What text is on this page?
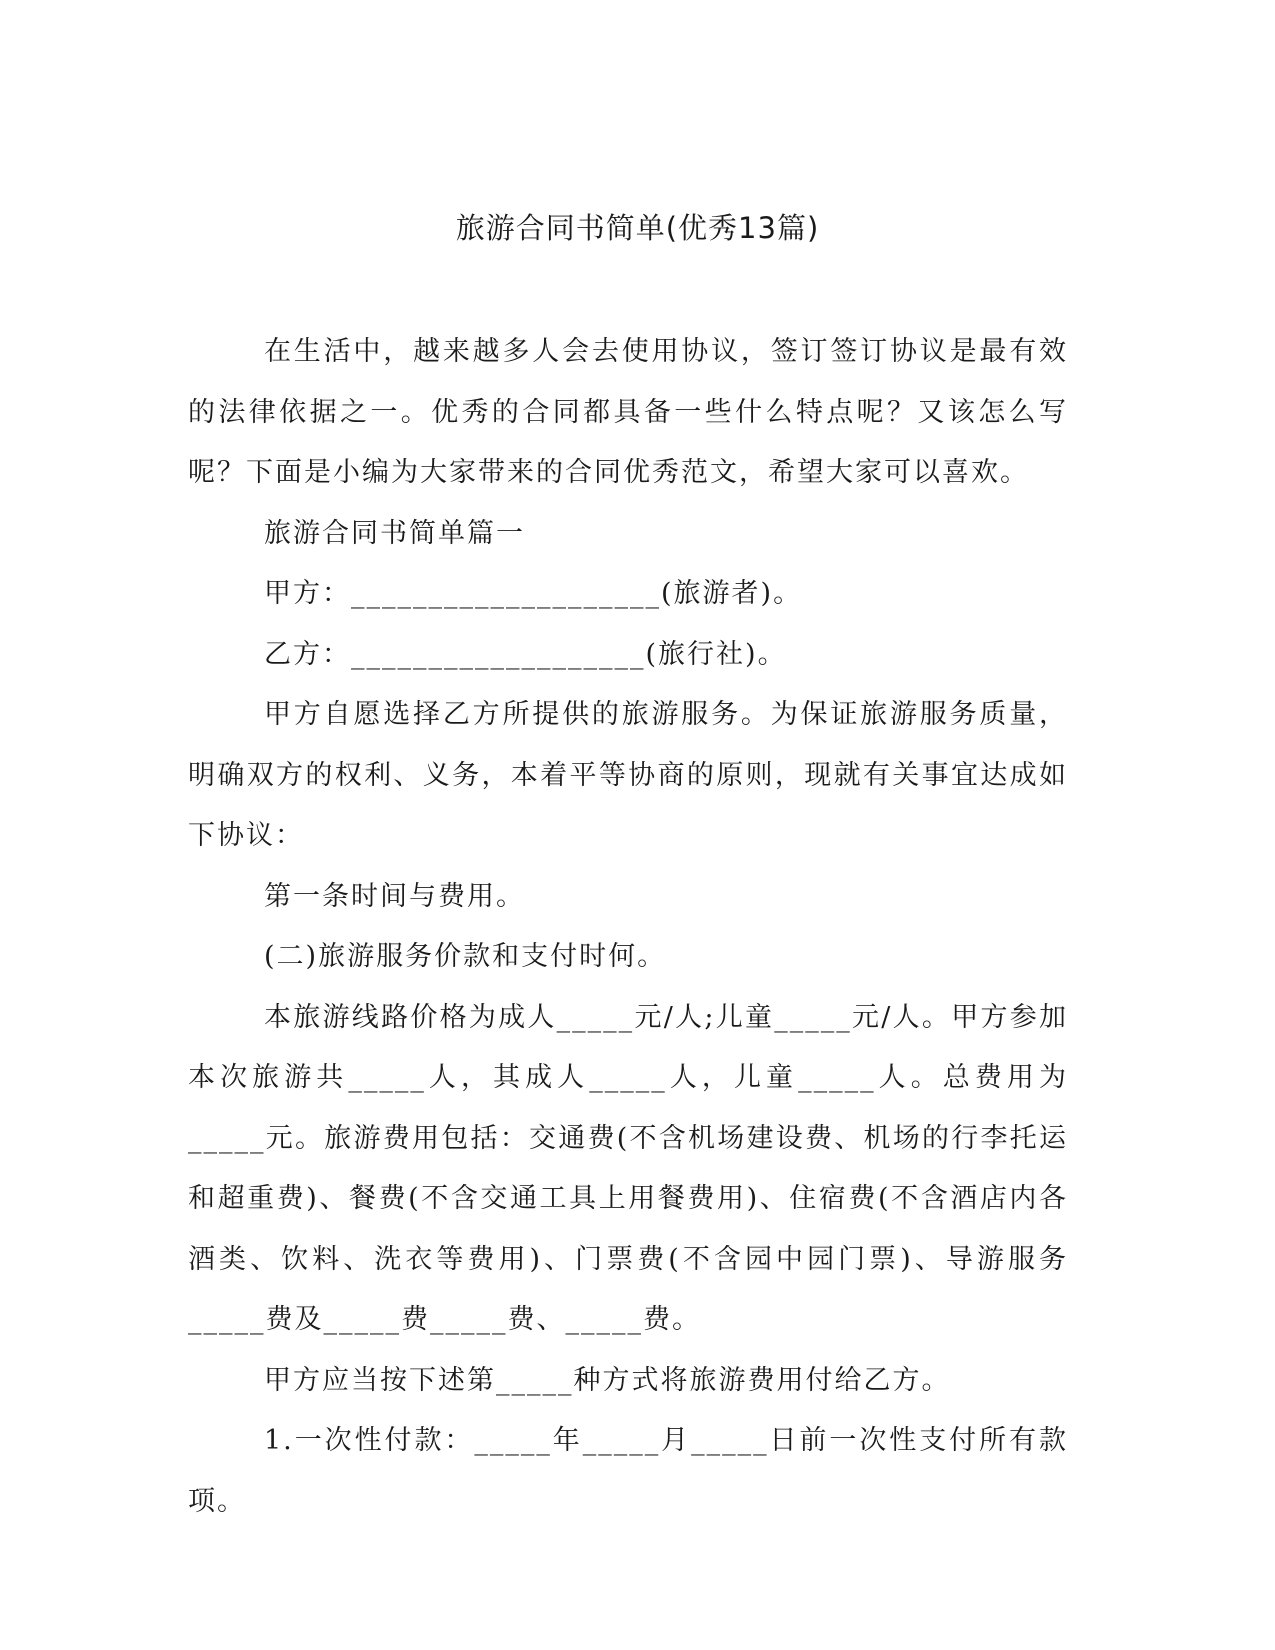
旅游合同书简单(优秀13篇)

在生活中，越来越多人会去使用协议，签订签订协议是最有效的法律依据之一。优秀的合同都具备一些什么特点呢？又该怎么写呢？下面是小编为大家带来的合同优秀范文，希望大家可以喜欢。

旅游合同书简单篇一

甲方：____________________(旅游者)。

乙方：___________________(旅行社)。

甲方自愿选择乙方所提供的旅游服务。为保证旅游服务质量，明确双方的权利、义务，本着平等协商的原则，现就有关事宜达成如下协议：

第一条时间与费用。

(二)旅游服务价款和支付时何。

本旅游线路价格为成人_____元/人;儿童_____元/人。甲方参加本次旅游共_____人，其成人_____人，儿童_____人。总费用为_____元。旅游费用包括：交通费(不含机场建设费、机场的行李托运和超重费)、餐费(不含交通工具上用餐费用)、住宿费(不含酒店内各酒类、饮料、洗衣等费用)、门票费(不含园中园门票)、导游服务_____费及_____费_____费、_____费。

甲方应当按下述第_____种方式将旅游费用付给乙方。

1.一次性付款：_____年_____月_____日前一次性支付所有款项。
